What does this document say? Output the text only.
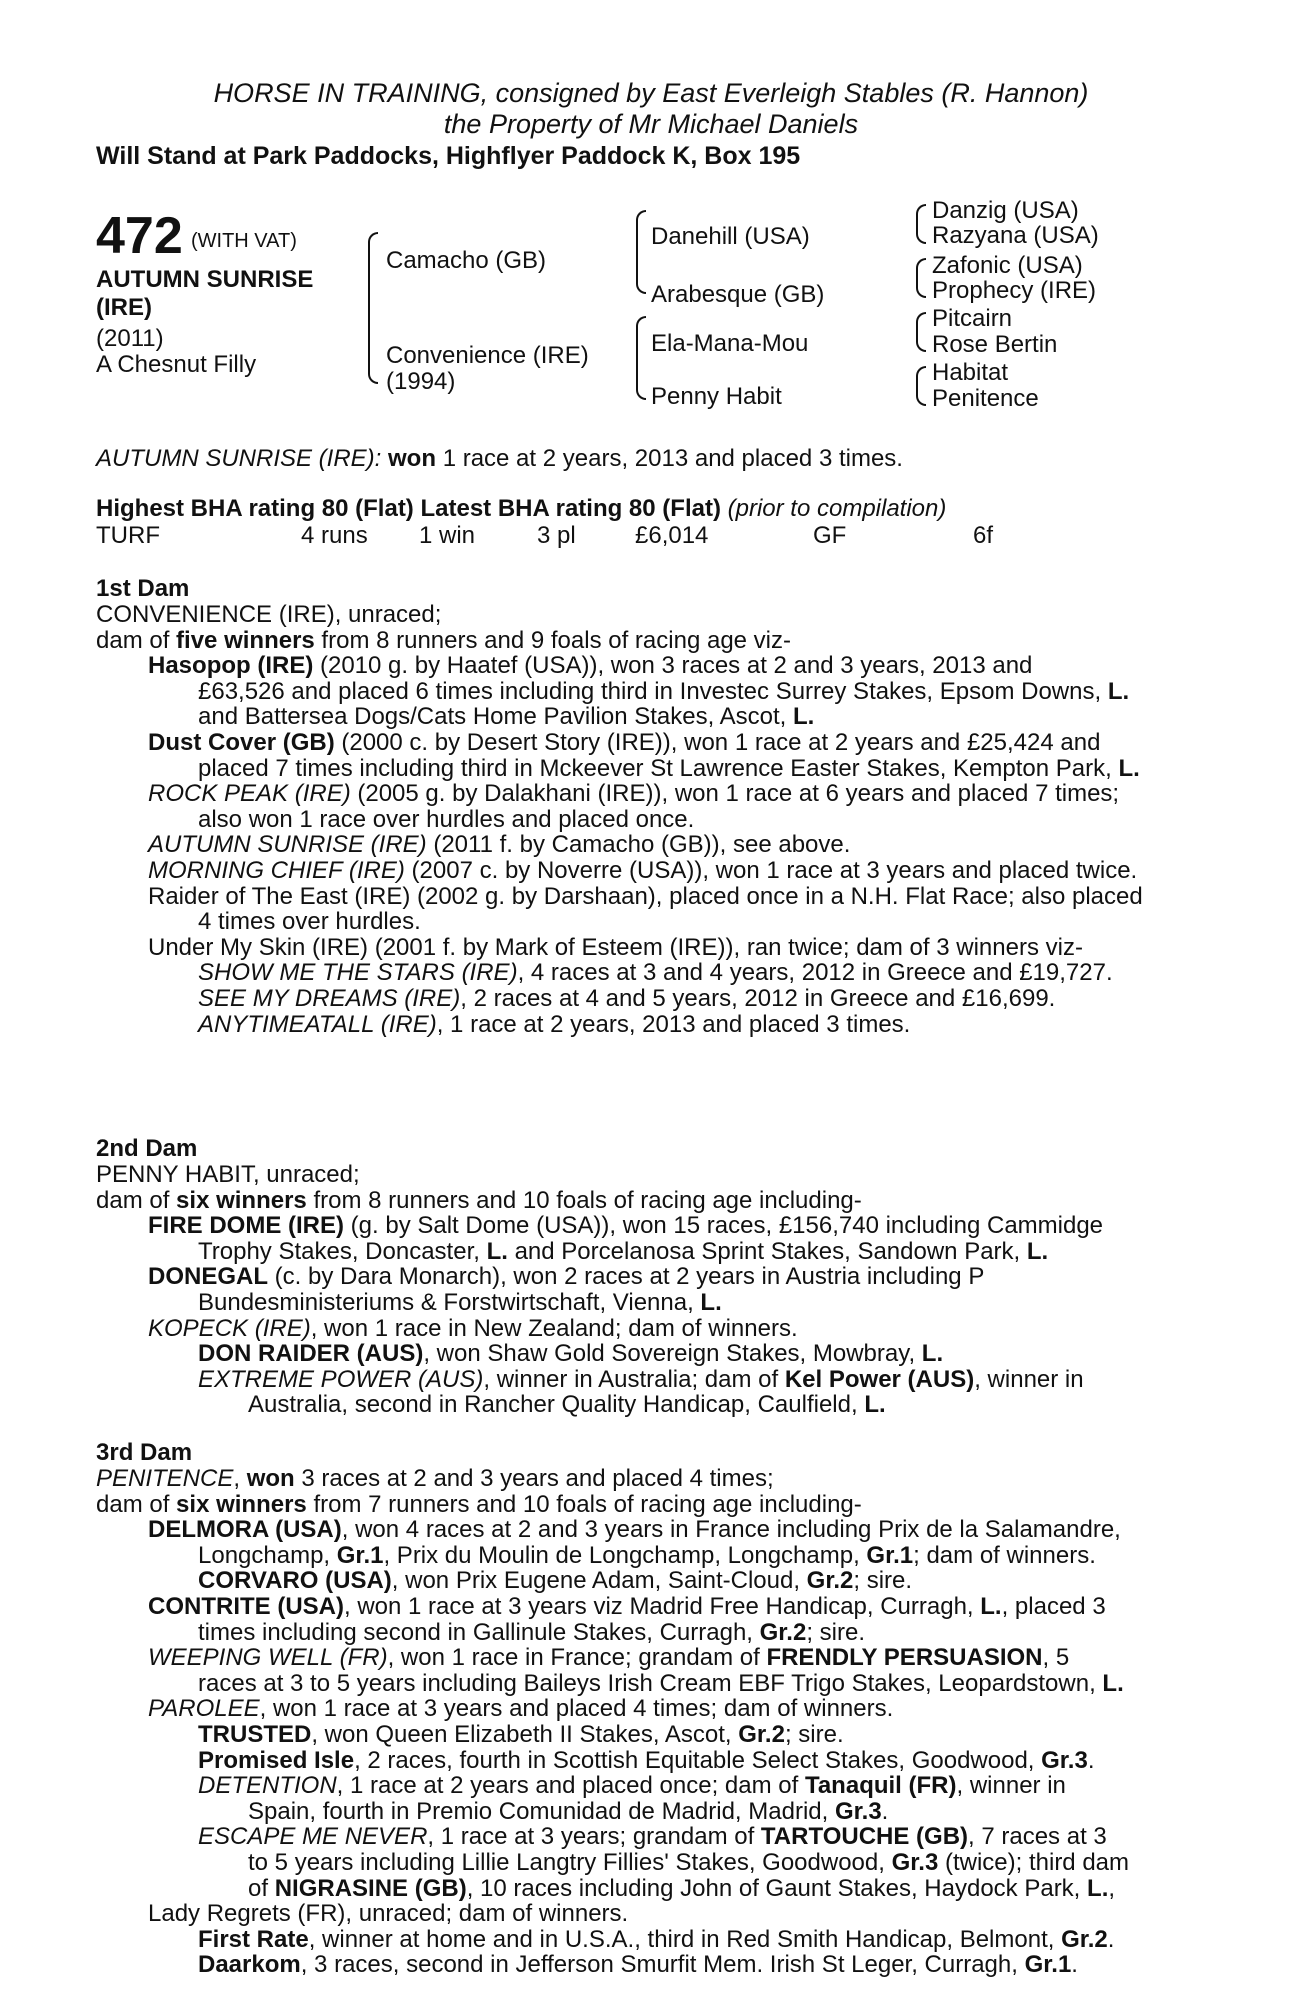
HORSE IN TRAINING, consigned by East Everleigh Stables (R. Hannon)
the Property of Mr Michael Daniels
Will Stand at Park Paddocks, Highflyer Paddock K, Box 195
472 (WITH VAT)
AUTUMN SUNRISE
(IRE)
(2011)
A Chesnut Filly
Camacho (GB)
Convenience (IRE)
(1994)
Danehill (USA)
Arabesque (GB)
Ela-Mana-Mou
Penny Habit
Danzig (USA)
Razyana (USA)
Zafonic (USA)
Prophecy (IRE)
Pitcairn
Rose Bertin
Habitat
Penitence
AUTUMN SUNRISE (IRE): won 1 race at 2 years, 2013 and placed 3 times.
Highest BHA rating 80 (Flat) Latest BHA rating 80 (Flat) (prior to compilation)
TURF	4 runs	1 win	3 pl	£6,014	GF	6f
1st Dam
CONVENIENCE (IRE), unraced;
dam of five winners from 8 runners and 9 foals of racing age viz-
Hasopop (IRE) (2010 g. by Haatef (USA)), won 3 races at 2 and 3 years, 2013 and
£63,526 and placed 6 times including third in Investec Surrey Stakes, Epsom Downs, L.
and Battersea Dogs/Cats Home Pavilion Stakes, Ascot, L.
Dust Cover (GB) (2000 c. by Desert Story (IRE)), won 1 race at 2 years and £25,424 and
placed 7 times including third in Mckeever St Lawrence Easter Stakes, Kempton Park, L.
ROCK PEAK (IRE) (2005 g. by Dalakhani (IRE)), won 1 race at 6 years and placed 7 times;
also won 1 race over hurdles and placed once.
AUTUMN SUNRISE (IRE) (2011 f. by Camacho (GB)), see above.
MORNING CHIEF (IRE) (2007 c. by Noverre (USA)), won 1 race at 3 years and placed twice.
Raider of The East (IRE) (2002 g. by Darshaan), placed once in a N.H. Flat Race; also placed
4 times over hurdles.
Under My Skin (IRE) (2001 f. by Mark of Esteem (IRE)), ran twice; dam of 3 winners viz-
SHOW ME THE STARS (IRE), 4 races at 3 and 4 years, 2012 in Greece and £19,727.
SEE MY DREAMS (IRE), 2 races at 4 and 5 years, 2012 in Greece and £16,699.
ANYTIMEATALL (IRE), 1 race at 2 years, 2013 and placed 3 times.
2nd Dam
PENNY HABIT, unraced;
dam of six winners from 8 runners and 10 foals of racing age including-
FIRE DOME (IRE) (g. by Salt Dome (USA)), won 15 races, £156,740 including Cammidge
Trophy Stakes, Doncaster, L. and Porcelanosa Sprint Stakes, Sandown Park, L.
DONEGAL (c. by Dara Monarch), won 2 races at 2 years in Austria including P
Bundesministeriums & Forstwirtschaft, Vienna, L.
KOPECK (IRE), won 1 race in New Zealand; dam of winners.
DON RAIDER (AUS), won Shaw Gold Sovereign Stakes, Mowbray, L.
EXTREME POWER (AUS), winner in Australia; dam of Kel Power (AUS), winner in
Australia, second in Rancher Quality Handicap, Caulfield, L.
3rd Dam
PENITENCE, won 3 races at 2 and 3 years and placed 4 times;
dam of six winners from 7 runners and 10 foals of racing age including-
DELMORA (USA), won 4 races at 2 and 3 years in France including Prix de la Salamandre,
Longchamp, Gr.1, Prix du Moulin de Longchamp, Longchamp, Gr.1; dam of winners.
CORVARO (USA), won Prix Eugene Adam, Saint-Cloud, Gr.2; sire.
CONTRITE (USA), won 1 race at 3 years viz Madrid Free Handicap, Curragh, L., placed 3
times including second in Gallinule Stakes, Curragh, Gr.2; sire.
WEEPING WELL (FR), won 1 race in France; grandam of FRENDLY PERSUASION, 5
races at 3 to 5 years including Baileys Irish Cream EBF Trigo Stakes, Leopardstown, L.
PAROLEE, won 1 race at 3 years and placed 4 times; dam of winners.
TRUSTED, won Queen Elizabeth II Stakes, Ascot, Gr.2; sire.
Promised Isle, 2 races, fourth in Scottish Equitable Select Stakes, Goodwood, Gr.3.
DETENTION, 1 race at 2 years and placed once; dam of Tanaquil (FR), winner in
Spain, fourth in Premio Comunidad de Madrid, Madrid, Gr.3.
ESCAPE ME NEVER, 1 race at 3 years; grandam of TARTOUCHE (GB), 7 races at 3
to 5 years including Lillie Langtry Fillies' Stakes, Goodwood, Gr.3 (twice); third dam
of NIGRASINE (GB), 10 races including John of Gaunt Stakes, Haydock Park, L.,
Lady Regrets (FR), unraced; dam of winners.
First Rate, winner at home and in U.S.A., third in Red Smith Handicap, Belmont, Gr.2.
Daarkom, 3 races, second in Jefferson Smurfit Mem. Irish St Leger, Curragh, Gr.1.
